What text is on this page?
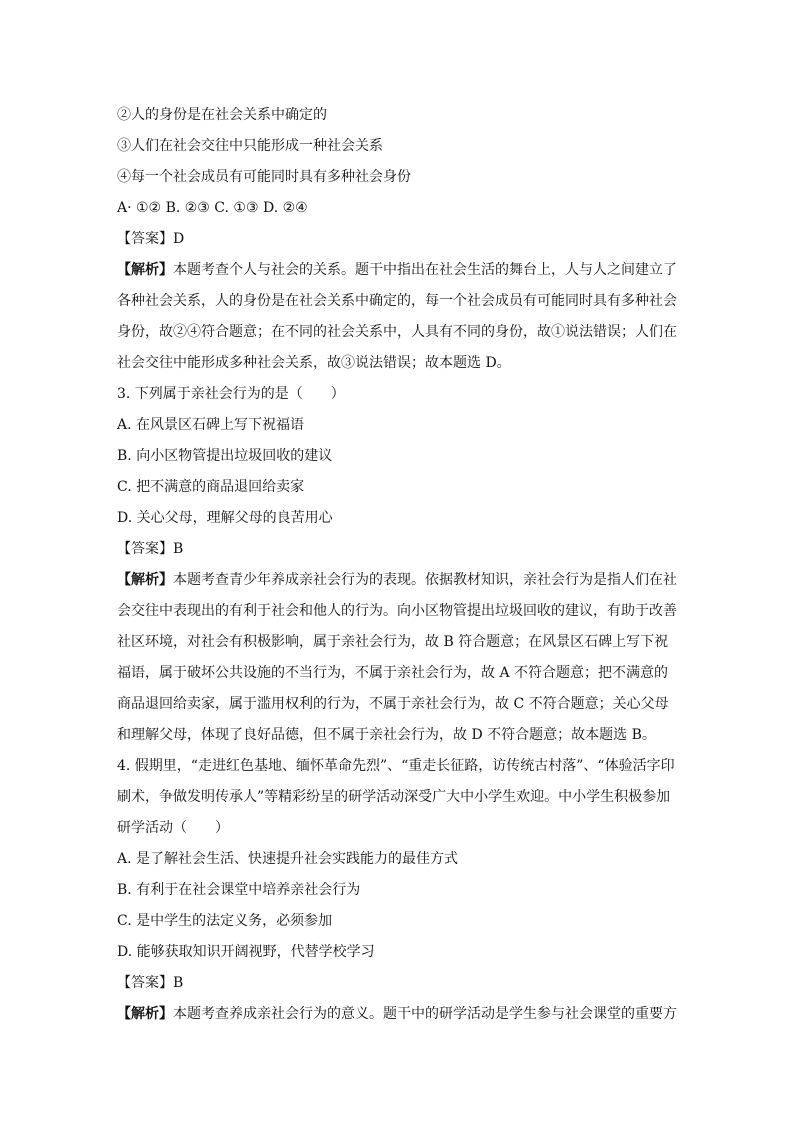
②人的身份是在社会关系中确定的
③人们在社会交往中只能形成一种社会关系
④每一个社会成员有可能同时具有多种社会身份
A· ①② B. ②③ C. ①③ D. ②④
【答案】D
【解析】本题考查个人与社会的关系。题干中指出在社会生活的舞台上，人与人之间建立了
各种社会关系，人的身份是在社会关系中确定的，每一个社会成员有可能同时具有多种社会
身份，故②④符合题意；在不同的社会关系中，人具有不同的身份，故①说法错误；人们在
社会交往中能形成多种社会关系，故③说法错误；故本题选 D。
3. 下列属于亲社会行为的是（　　）
A. 在风景区石碑上写下祝福语
B. 向小区物管提出垃圾回收的建议
C. 把不满意的商品退回给卖家
D. 关心父母，理解父母的良苦用心
【答案】B
【解析】本题考查青少年养成亲社会行为的表现。依据教材知识，亲社会行为是指人们在社
会交往中表现出的有利于社会和他人的行为。向小区物管提出垃圾回收的建议，有助于改善
社区环境，对社会有积极影响，属于亲社会行为，故 B 符合题意；在风景区石碑上写下祝
福语，属于破坏公共设施的不当行为，不属于亲社会行为，故 A 不符合题意；把不满意的
商品退回给卖家，属于滥用权利的行为，不属于亲社会行为，故 C 不符合题意；关心父母
和理解父母，体现了良好品德，但不属于亲社会行为，故 D 不符合题意；故本题选 B。
4. 假期里，“走进红色基地、缅怀革命先烈”、“重走长征路，访传统古村落”、“体验活字印
刷术，争做发明传承人”等精彩纷呈的研学活动深受广大中小学生欢迎。中小学生积极参加
研学活动（　　）
A. 是了解社会生活、快速提升社会实践能力的最佳方式
B. 有利于在社会课堂中培养亲社会行为
C. 是中学生的法定义务，必须参加
D. 能够获取知识开阔视野，代替学校学习
【答案】B
【解析】本题考查养成亲社会行为的意义。题干中的研学活动是学生参与社会课堂的重要方
